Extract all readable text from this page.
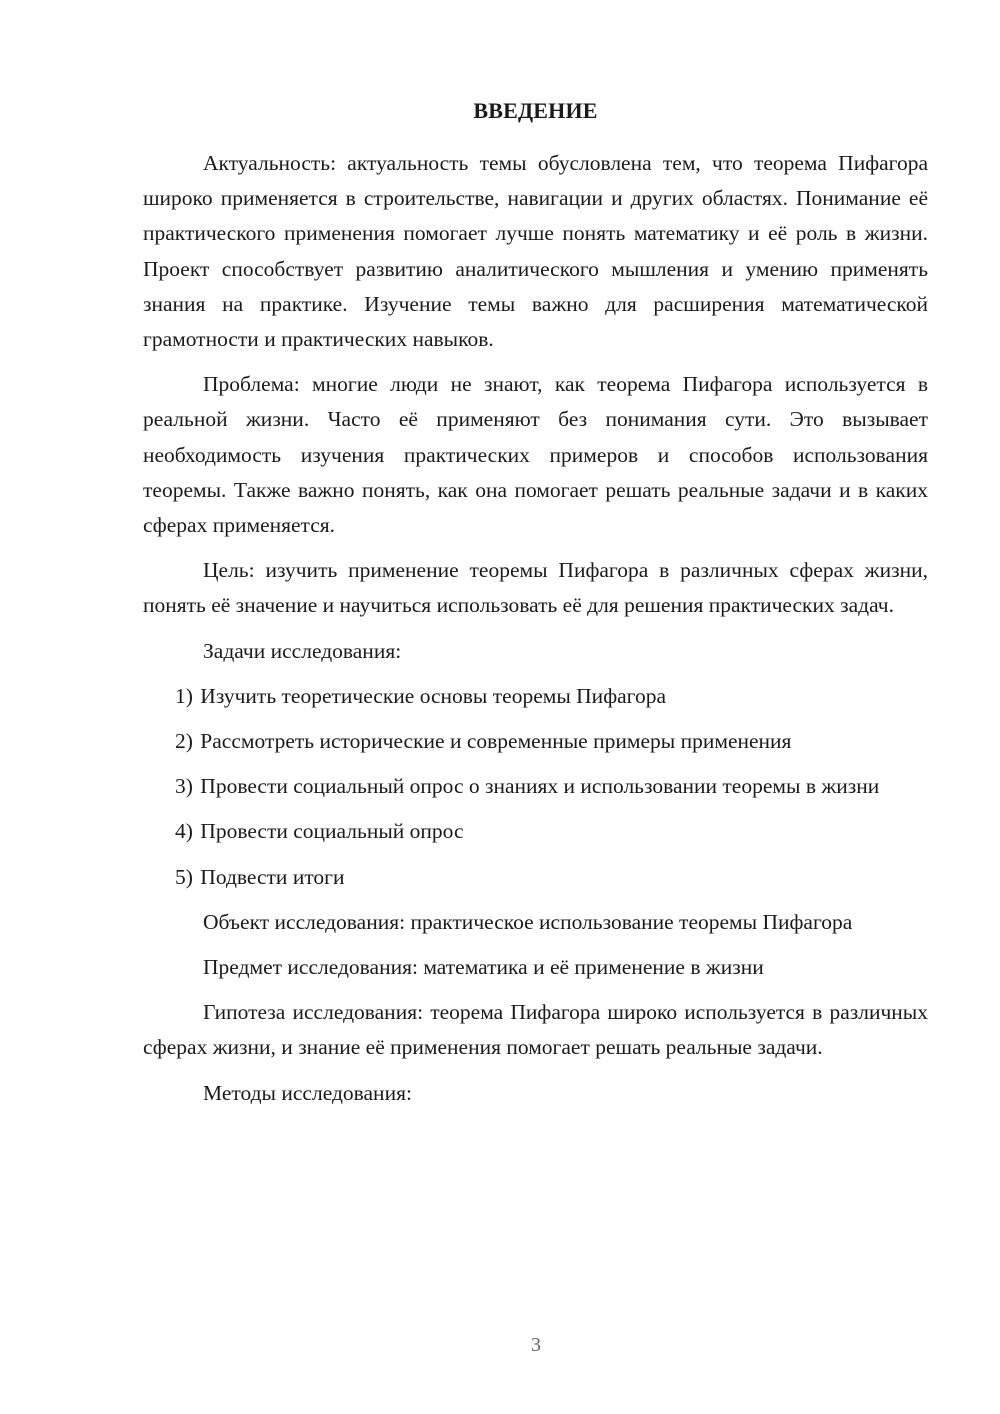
ВВЕДЕНИЕ

Актуальность: актуальность темы обусловлена тем, что теорема Пифагора широко применяется в строительстве, навигации и других областях. Понимание её практического применения помогает лучше понять математику и её роль в жизни. Проект способствует развитию аналитического мышления и умению применять знания на практике. Изучение темы важно для расширения математической грамотности и практических навыков.

Проблема: многие люди не знают, как теорема Пифагора используется в реальной жизни. Часто её применяют без понимания сути. Это вызывает необходимость изучения практических примеров и способов использования теоремы. Также важно понять, как она помогает решать реальные задачи и в каких сферах применяется.

Цель: изучить применение теоремы Пифагора в различных сферах жизни, понять её значение и научиться использовать её для решения практических задач.

Задачи исследования:

1) Изучить теоретические основы теоремы Пифагора

2) Рассмотреть исторические и современные примеры применения

3) Провести социальный опрос о знаниях и использовании теоремы в жизни

4) Провести социальный опрос

5) Подвести итоги

Объект исследования: практическое использование теоремы Пифагора

Предмет исследования: математика и её применение в жизни

Гипотеза исследования: теорема Пифагора широко используется в различных сферах жизни, и знание её применения помогает решать реальные задачи.

Методы исследования:

3
